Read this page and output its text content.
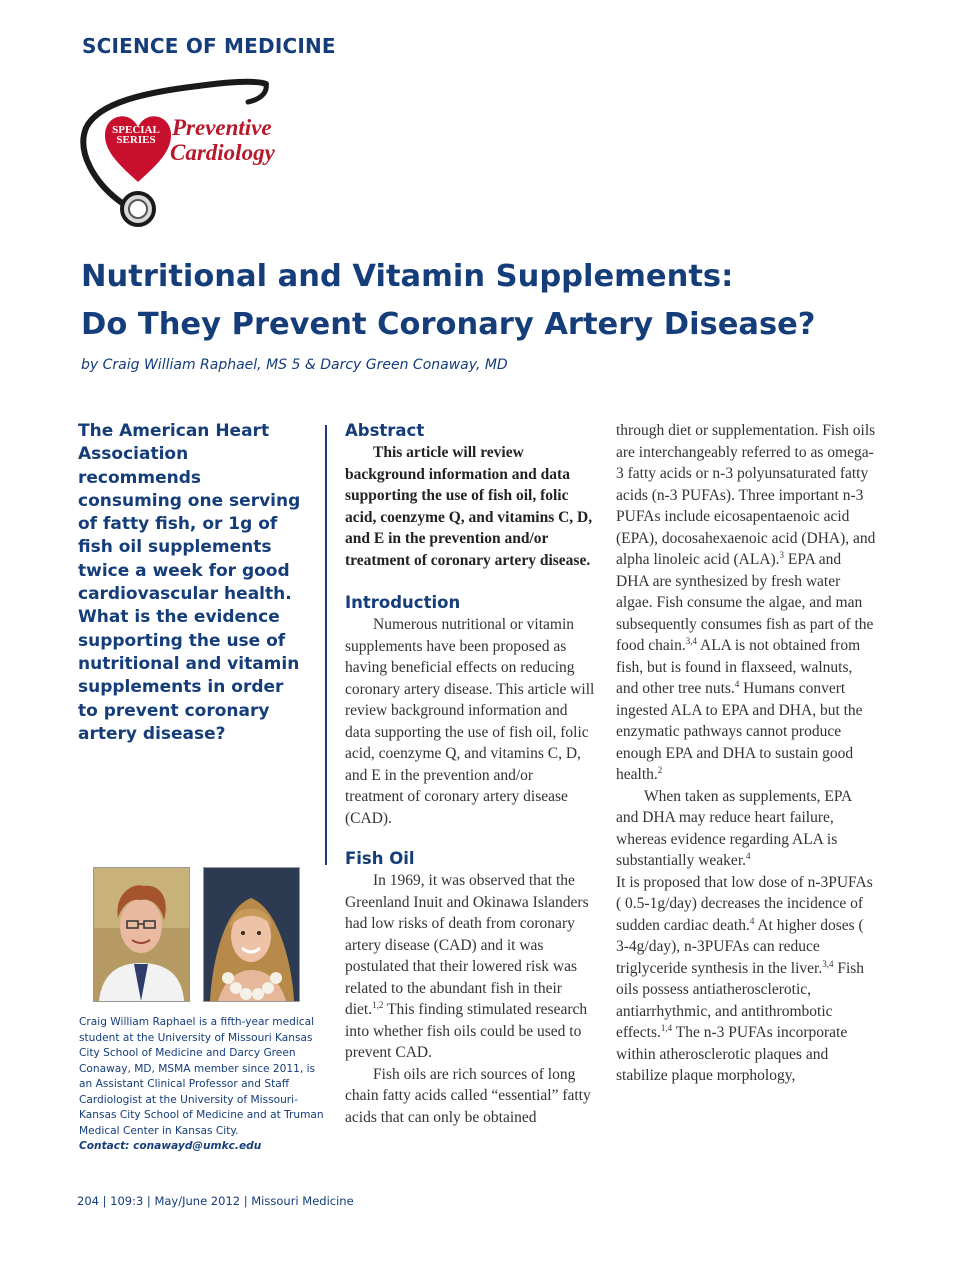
SCIENCE OF MEDICINE
SPECIAL
SERIES Preventive
Cardiology
Nutritional and Vitamin Supplements:
Do They Prevent Coronary Artery Disease?
by Craig William Raphael, MS 5 & Darcy Green Conaway, MD
The American Heart Association recommends consuming one serving of fatty fish, or 1g of fish oil supplements twice a week for good cardiovascular health. What is the evidence supporting the use of nutritional and vitamin supplements in order to prevent coronary artery disease?
Craig William Raphael is a fifth-year medical student at the University of Missouri Kansas City School of Medicine and Darcy Green Conaway, MD, MSMA member since 2011, is an Assistant Clinical Professor and Staff Cardiologist at the University of Missouri-Kansas City School of Medicine and at Truman Medical Center in Kansas City.
Contact: conawayd@umkc.edu
204 | 109:3 | May/June 2012 | Missouri Medicine
Abstract

This article will review background information and data supporting the use of fish oil, folic acid, coenzyme Q, and vitamins C, D, and E in the prevention and/or treatment of coronary artery disease.

Introduction

Numerous nutritional or vitamin supplements have been proposed as having beneficial effects on reducing coronary artery disease. This article will review background information and data supporting the use of fish oil, folic acid, coenzyme Q, and vitamins C, D, and E in the prevention and/or treatment of coronary artery disease (CAD).

Fish Oil

In 1969, it was observed that the Greenland Inuit and Okinawa Islanders had low risks of death from coronary artery disease (CAD) and it was postulated that their lowered risk was related to the abundant fish in their diet.$^{1,2}$ This finding stimulated research into whether fish oils could be used to prevent CAD.

Fish oils are rich sources of long chain fatty acids called “essential” fatty acids that can only be obtained

through diet or supplementation. Fish oils are interchangeably referred to as omega-3 fatty acids or n-3 polyunsaturated fatty acids (n-3 PUFAs). Three important n-3 PUFAs include eicosapentaenoic acid (EPA), docosahexaenoic acid (DHA), and alpha linoleic acid (ALA).$^3$ EPA and DHA are synthesized by fresh water algae. Fish consume the algae, and man subsequently consumes fish as part of the food chain.$^{3,4}$ ALA is not obtained from fish, but is found in flaxseed, walnuts, and other tree nuts.$^4$ Humans convert ingested ALA to EPA and DHA, but the enzymatic pathways cannot produce enough EPA and DHA to sustain good health.$^2$

When taken as supplements, EPA and DHA may reduce heart failure, whereas evidence regarding ALA is substantially weaker.$^4$

It is proposed that low dose of n-3PUFAs ( 0.5-1g/day) decreases the incidence of sudden cardiac death.$^4$ At higher doses ( 3-4g/day), n-3PUFAs can reduce triglyceride synthesis in the liver.$^{3,4}$ Fish oils possess antiatherosclerotic, antiarrhythmic, and antithrombotic effects.$^{1,4}$ The n-3 PUFAs incorporate within atherosclerotic plaques and stabilize plaque morphology,
